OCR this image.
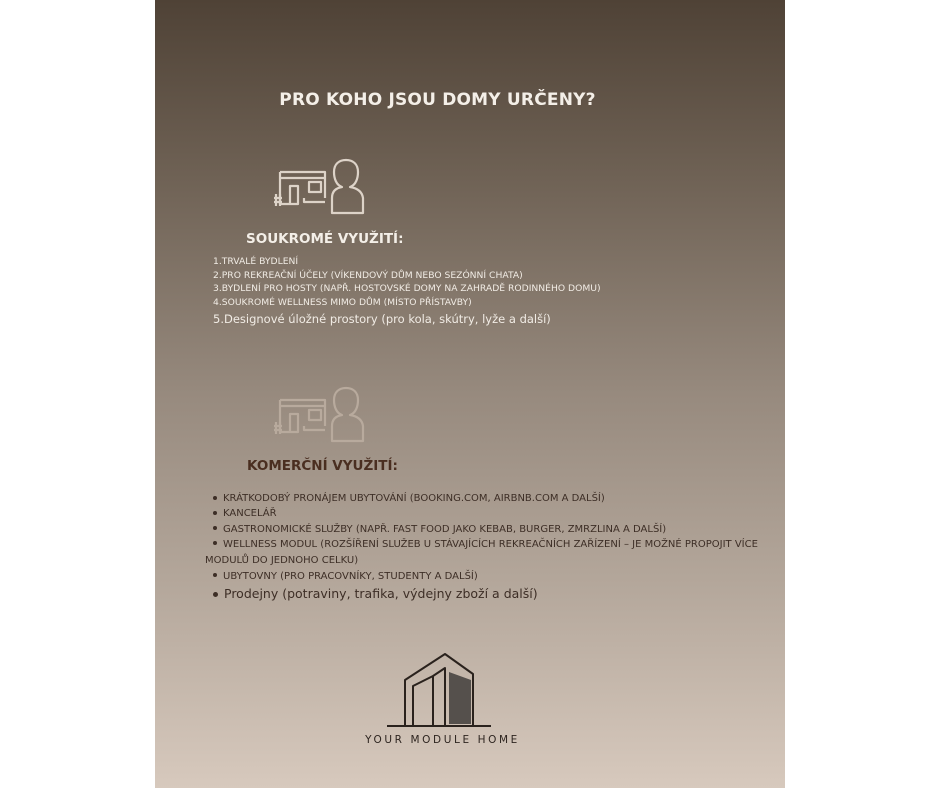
PRO KOHO JSOU DOMY URČENY?
SOUKROMÉ VYUŽITÍ:
1.TRVALÉ BYDLENÍ
2.PRO REKREAČNÍ ÚČELY (VÍKENDOVÝ DŮM NEBO SEZÓNNÍ CHATA)
3.BYDLENÍ PRO HOSTY (NAPŘ. HOSTOVSKÉ DOMY NA ZAHRADĚ RODINNÉHO DOMU)
4.SOUKROMÉ WELLNESS MIMO DŮM (MÍSTO PŘÍSTAVBY)
5.Designové úložné prostory (pro kola, skútry, lyže a další)
KOMERČNÍ VYUŽITÍ:
KRÁTKODOBÝ PRONÁJEM UBYTOVÁNÍ (BOOKING.COM, AIRBNB.COM A DALŠÍ)
KANCELÁŘ
GASTRONOMICKÉ SLUŽBY (NAPŘ. FAST FOOD JAKO KEBAB, BURGER, ZMRZLINA A DALŠÍ)
WELLNESS MODUL (ROZŠÍŘENÍ SLUŽEB U STÁVAJÍCÍCH REKREAČNÍCH ZAŘÍZENÍ – JE MOŽNÉ PROPOJIT VÍCE MODULŮ DO JEDNOHO CELKU)
UBYTOVNY (PRO PRACOVNÍKY, STUDENTY A DALŠÍ)
Prodejny (potraviny, trafika, výdejny zboží a další)
YOUR MODULE HOME
